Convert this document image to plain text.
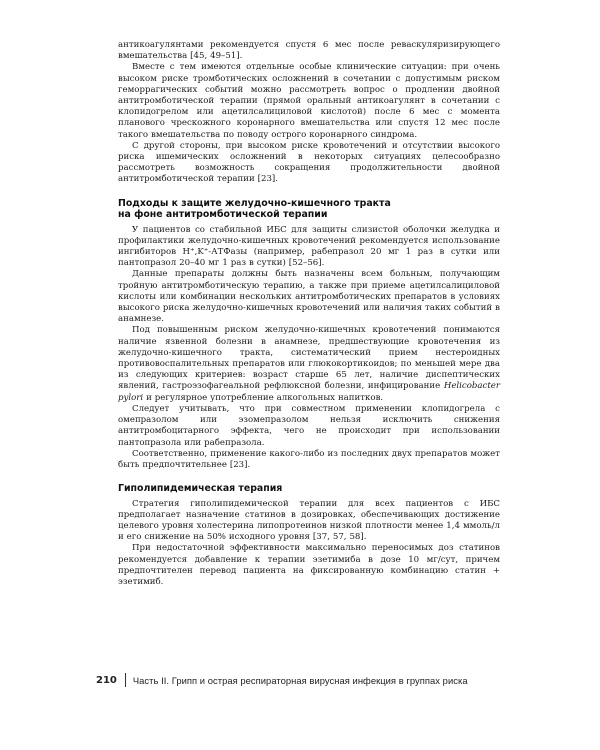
антикоагулянтами рекомендуется спустя 6 мес после реваскуляризирующего вмешательства [45, 49–51].

Вместе с тем имеются отдельные особые клинические ситуации: при очень высоком риске тромботических осложнений в сочетании с допустимым риском геморрагических событий можно рассмотреть вопрос о продлении двойной антитромботической терапии (прямой оральный антикоагулянт в сочетании с клопидогрелом или ацетилсалициловой кислотой) после 6 мес с момента планового чрескожного коронарного вмешательства или спустя 12 мес после такого вмешательства по поводу острого коронарного синдрома.

С другой стороны, при высоком риске кровотечений и отсутствии высокого риска ишемических осложнений в некоторых ситуациях целесообразно рассмотреть возможность сокращения продолжительности двойной антитромботической терапии [23].

Подходы к защите желудочно-кишечного тракта
на фоне антитромботической терапии

У пациентов со стабильной ИБС для защиты слизистой оболочки желудка и профилактики желудочно-кишечных кровотечений рекомендуется использование ингибиторов Н⁺,K⁺-АТФазы (например, рабепразол 20 мг 1 раз в сутки или пантопразол 20–40 мг 1 раз в сутки) [52–56].

Данные препараты должны быть назначены всем больным, получающим тройную антитромботическую терапию, а также при приеме ацетилсалициловой кислоты или комбинации нескольких антитромботических препаратов в условиях высокого риска желудочно-кишечных кровотечений или наличия таких событий в анамнезе.

Под повышенным риском желудочно-кишечных кровотечений понимаются наличие язвенной болезни в анамнезе, предшествующие кровотечения из желудочно-кишечного тракта, систематический прием нестероидных противовоспалительных препаратов или глюкокортикоидов; по меньшей мере два из следующих критериев: возраст старше 65 лет, наличие диспептических явлений, гастроэзофагеальной рефлюксной болезни, инфицирование Helicobacter pylori и регулярное употребление алкогольных напитков.

Следует учитывать, что при совместном применении клопидогрела с омепразолом или эзомепразолом нельзя исключить снижения антитромбоцитарного эффекта, чего не происходит при использовании пантопразола или рабепразола.

Соответственно, применение какого-либо из последних двух препаратов может быть предпочтительнее [23].

Гиполипидемическая терапия

Стратегия гиполипидемической терапии для всех пациентов с ИБС предполагает назначение статинов в дозировках, обеспечивающих достижение целевого уровня холестерина липопротеинов низкой плотности менее 1,4 ммоль/л и его снижение на 50% исходного уровня [37, 57, 58].

При недостаточной эффективности максимально переносимых доз статинов рекомендуется добавление к терапии эзетимиба в дозе 10 мг/сут, причем предпочтителен перевод пациента на фиксированную комбинацию статин + эзетимиб.

210	Часть II. Грипп и острая респираторная вирусная инфекция в группах риска
